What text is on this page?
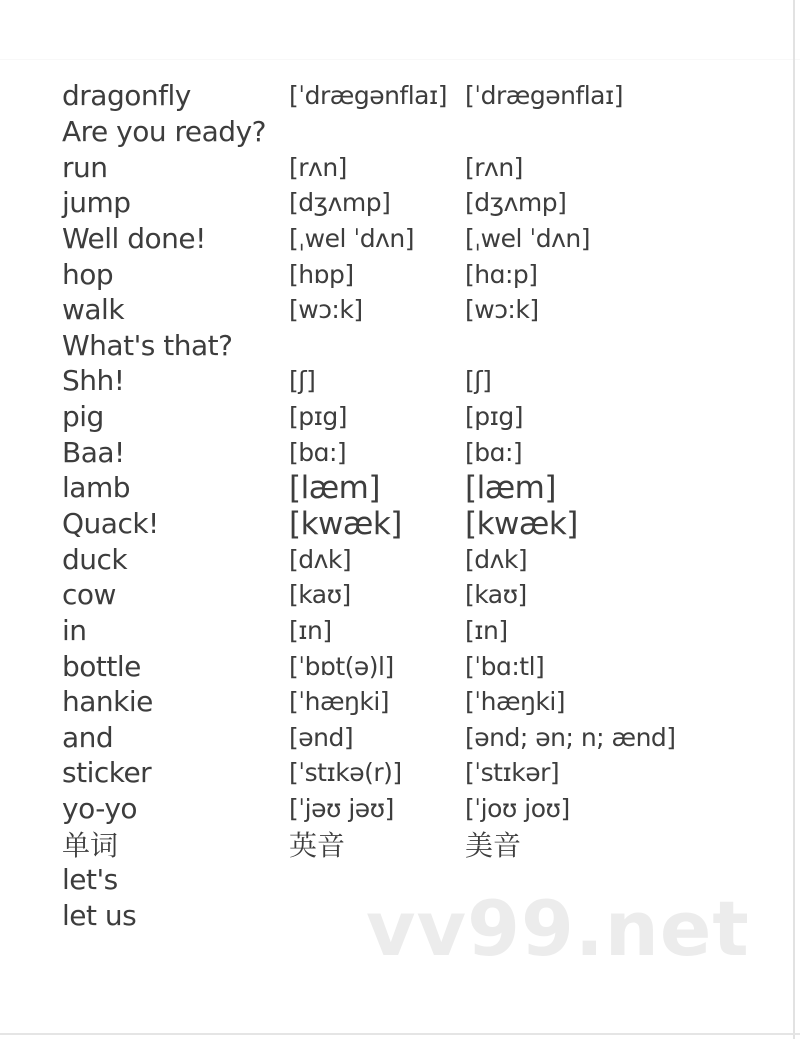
dragonfly	[ˈdrægənflaɪ] [ˈdrægənflaɪ]
Are you ready?
run	[rʌn]	[rʌn]
jump	[dʒʌmp]	[dʒʌmp]
Well done!	[ˌwel ˈdʌn]	[ˌwel ˈdʌn]
hop	[hɒp]	[hɑ:p]
walk	[wɔ:k]	[wɔ:k]
What's that?
Shh!	[ʃ]	[ʃ]
pig	[pɪg]	[pɪg]
Baa!	[bɑ:]	[bɑ:]
lamb	[læm]	[læm]
Quack!	[kwæk]	[kwæk]
duck	[dʌk]	[dʌk]
cow	[kaʊ]	[kaʊ]
in	[ɪn]	[ɪn]
bottle	[ˈbɒt(ə)l]	[ˈbɑ:tl]
hankie	[ˈhæŋki]	[ˈhæŋki]
and	[ənd]	[ənd; ən; n; ænd]
sticker	[ˈstɪkə(r)]	[ˈstɪkər]
yo-yo	[ˈjəʊ jəʊ]	[ˈjoʊ joʊ]
单词	英音	美音
let's
let us	vv99.net
